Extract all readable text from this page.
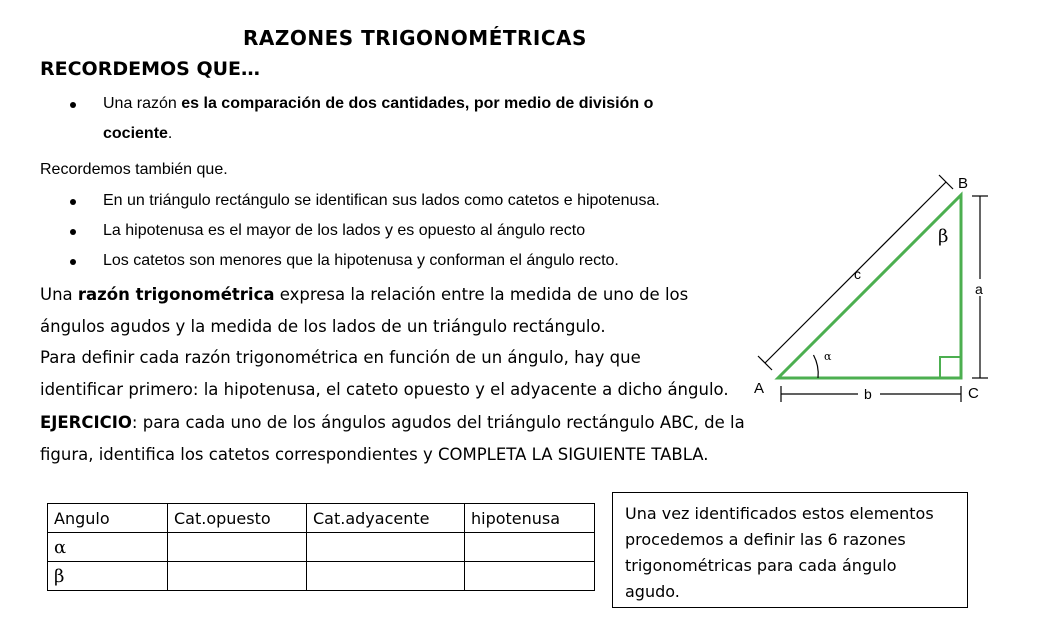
RAZONES TRIGONOMÉTRICAS
RECORDEMOS QUE…
Una razón es la comparación de dos cantidades, por medio de división o
cociente.
Recordemos también que.
En un triángulo rectángulo se identifican sus lados como catetos e hipotenusa.
La hipotenusa es el mayor de los lados y es opuesto al ángulo recto
Los catetos son menores que la hipotenusa y conforman el ángulo recto.
Una razón trigonométrica expresa la relación entre la medida de uno de los
ángulos agudos y la medida de los lados de un triángulo rectángulo.
Para definir cada razón trigonométrica en función de un ángulo, hay que
identificar primero: la hipotenusa, el cateto opuesto y el adyacente a dicho ángulo.
EJERCICIO: para cada uno de los ángulos agudos del triángulo rectángulo ABC, de la
figura, identifica los catetos correspondientes y COMPLETA LA SIGUIENTE TABLA.
A
B
C
c
a
b
α
β
Angulo	Cat.opuesto	Cat.adyacente	hipotenusa
α			
β			
Una vez identificados estos elementos procedemos a definir las 6 razones trigonométricas para cada ángulo agudo.
